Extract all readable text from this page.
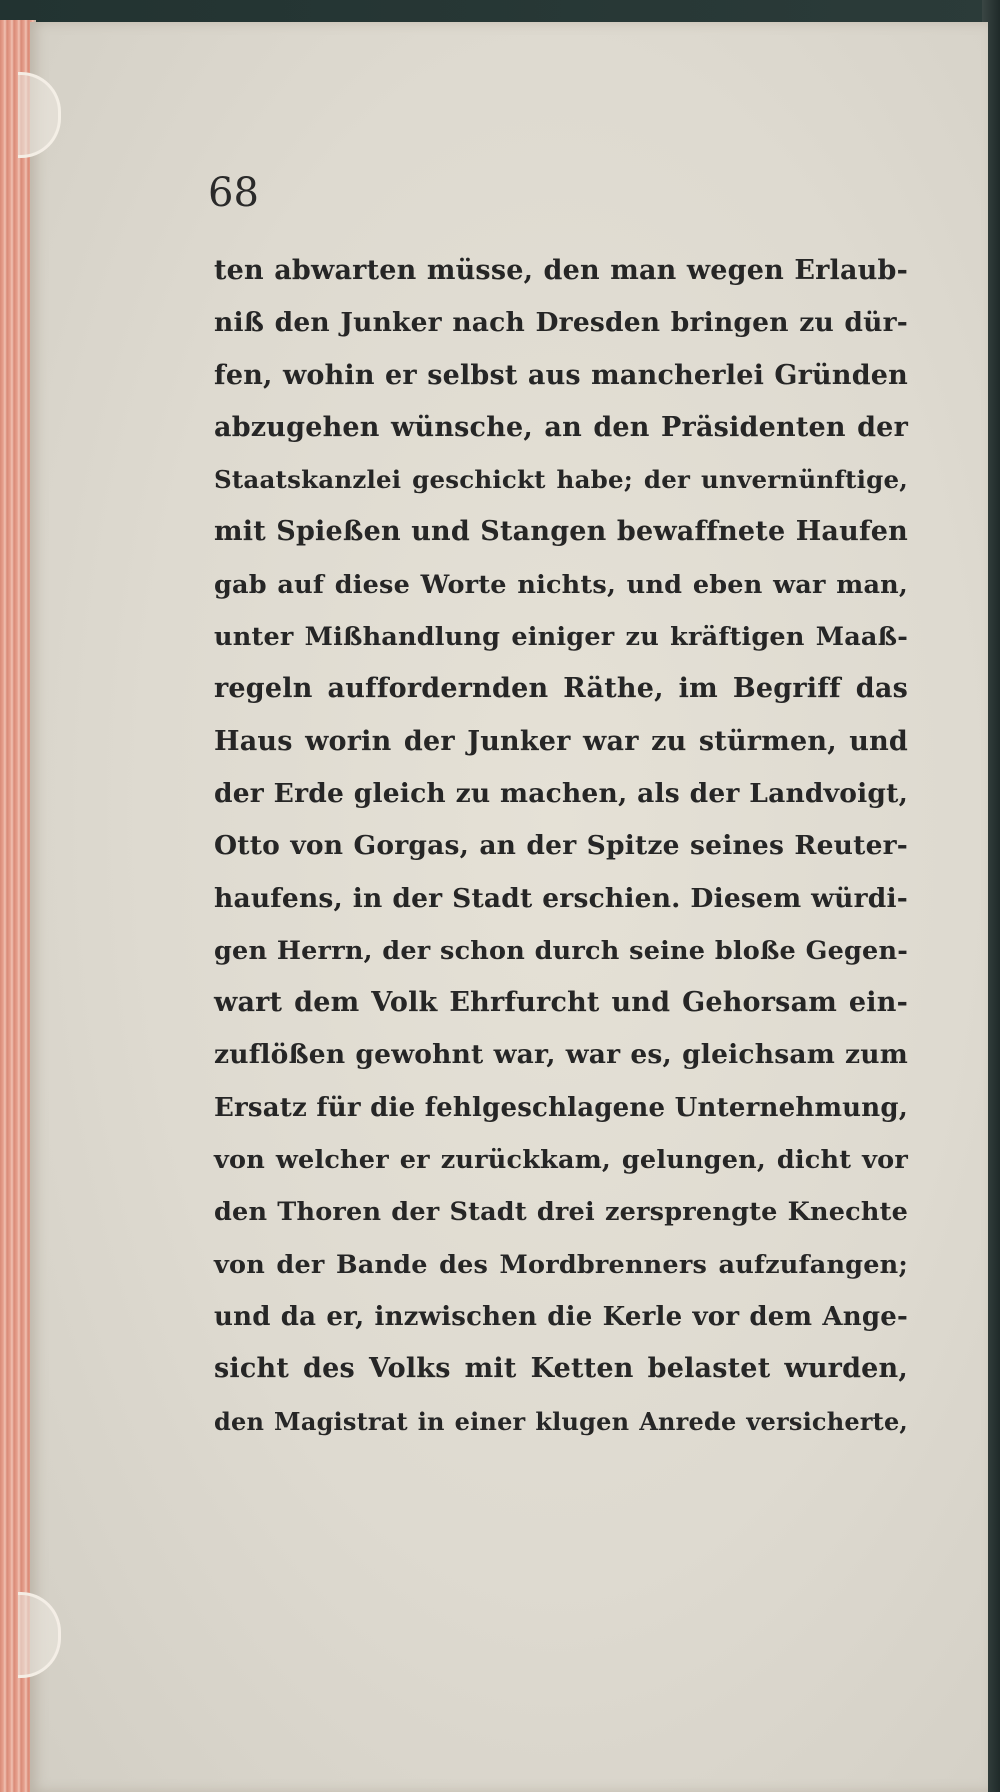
68

ten abwarten müsse, den man wegen Erlaub-
niß den Junker nach Dresden bringen zu dür-
fen, wohin er selbst aus mancherlei Gründen
abzugehen wünsche, an den Präsidenten der
Staatskanzlei geschickt habe; der unvernünftige,
mit Spießen und Stangen bewaffnete Haufen
gab auf diese Worte nichts, und eben war man,
unter Mißhandlung einiger zu kräftigen Maaß-
regeln auffordernden Räthe, im Begriff das
Haus worin der Junker war zu stürmen, und
der Erde gleich zu machen, als der Landvoigt,
Otto von Gorgas, an der Spitze seines Reuter-
haufens, in der Stadt erschien. Diesem würdi-
gen Herrn, der schon durch seine bloße Gegen-
wart dem Volk Ehrfurcht und Gehorsam ein-
zuflößen gewohnt war, war es, gleichsam zum
Ersatz für die fehlgeschlagene Unternehmung,
von welcher er zurückkam, gelungen, dicht vor
den Thoren der Stadt drei zersprengte Knechte
von der Bande des Mordbrenners aufzufangen;
und da er, inzwischen die Kerle vor dem Ange-
sicht des Volks mit Ketten belastet wurden,
den Magistrat in einer klugen Anrede versicherte,
